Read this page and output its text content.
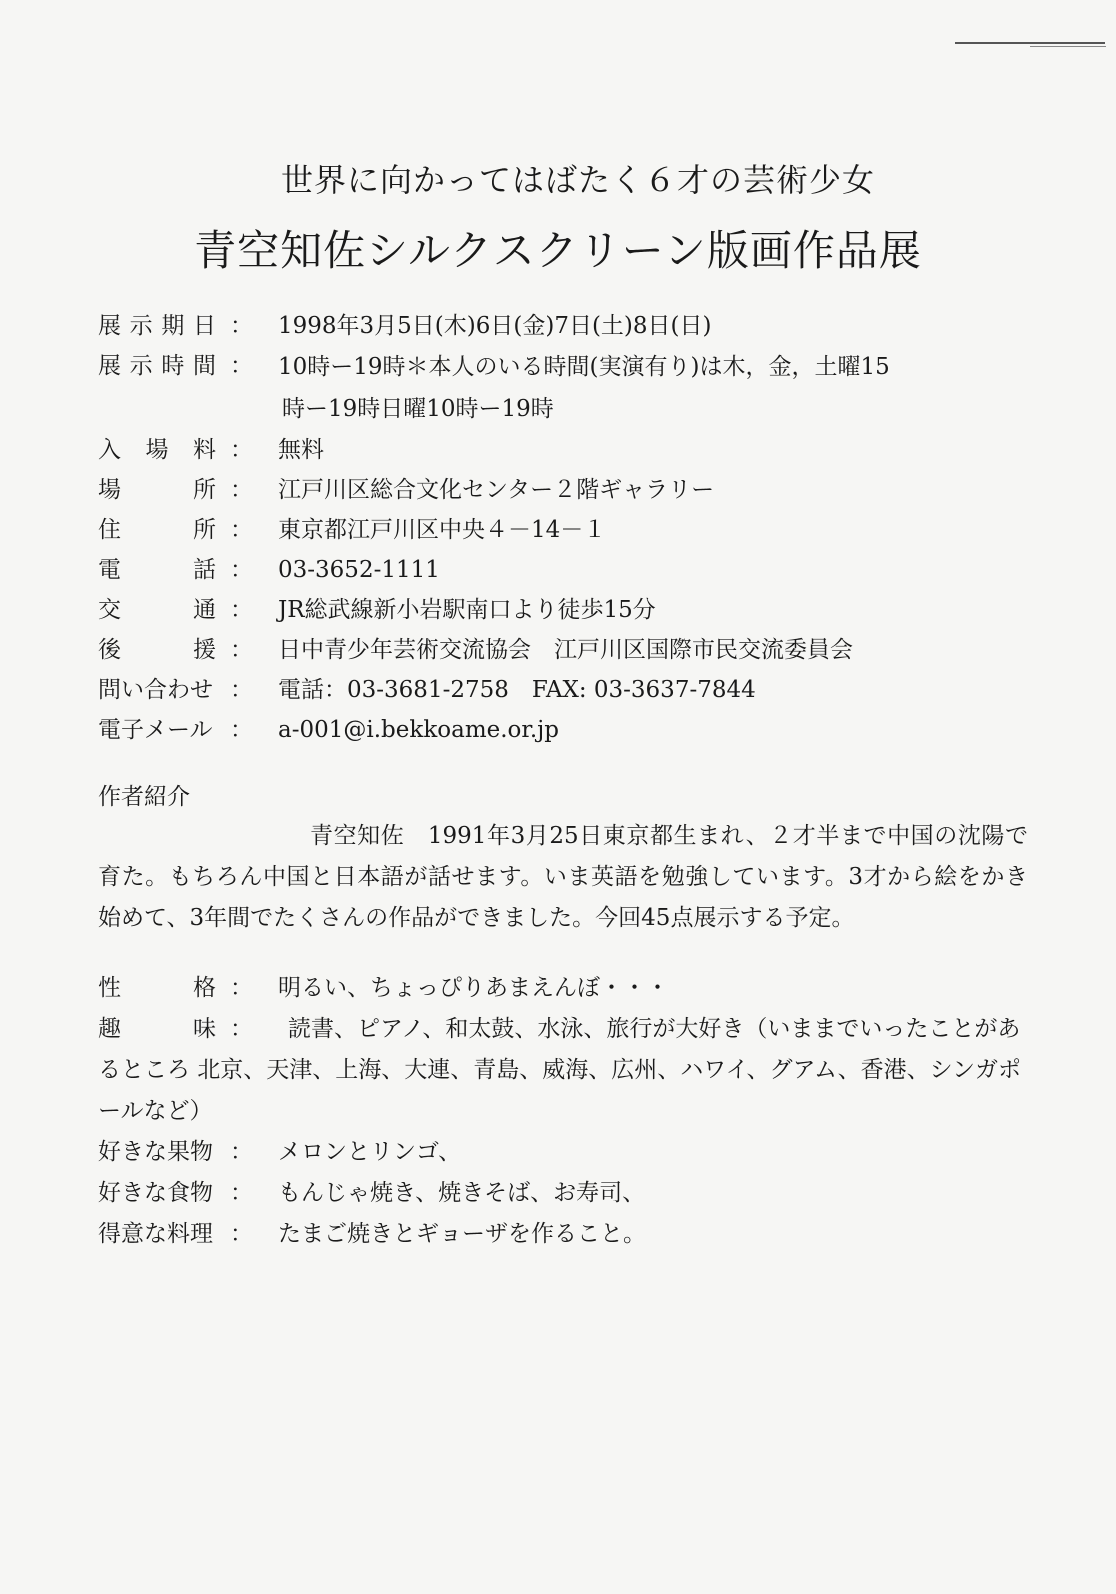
世界に向かってはばたく６才の芸術少女
青空知佐シルクスクリーン版画作品展
展 示 期 日 ： 1998年3月5日(木)6日(金)7日(土)8日(日)
展 示 時 間 ： 10時ー19時＊本人のいる時間(実演有り)は木，金，土曜15
時ー19時日曜10時ー19時
入 場 料 ： 無料
場	所 ： 江戸川区総合文化センター２階ギャラリー
住	所 ： 東京都江戸川区中央４－14－１
電	話 ： 03-3652-1111
交	通 ： JR総武線新小岩駅南口より徒歩15分
後	援 ： 日中青少年芸術交流協会　江戸川区国際市民交流委員会
問い合わせ ： 電話：03-3681-2758　FAX: 03-3637-7844
電子メール ： a-001@i.bekkoame.or.jp
作者紹介
青空知佐　1991年3月25日東京都生まれ、２才半まで中国の沈陽で育た。もちろん中国と日本語が話せます。いま英語を勉強しています。3才から絵をかき始めて、3年間でたくさんの作品ができました。今回45点展示する予定。
性	格 ： 明るい、ちょっぴりあまえんぼ・・・
趣	味 ：	読書、ピアノ、和太鼓、水泳、旅行が大好き（いままでいったことがあるところ 北京、天津、上海、大連、青島、威海、広州、ハワイ、グアム、香港、シンガポールなど）
好きな果物 ： メロンとリンゴ、
好きな食物 ： もんじゃ焼き、焼きそば、お寿司、
得意な料理 ： たまご焼きとギョーザを作ること。
